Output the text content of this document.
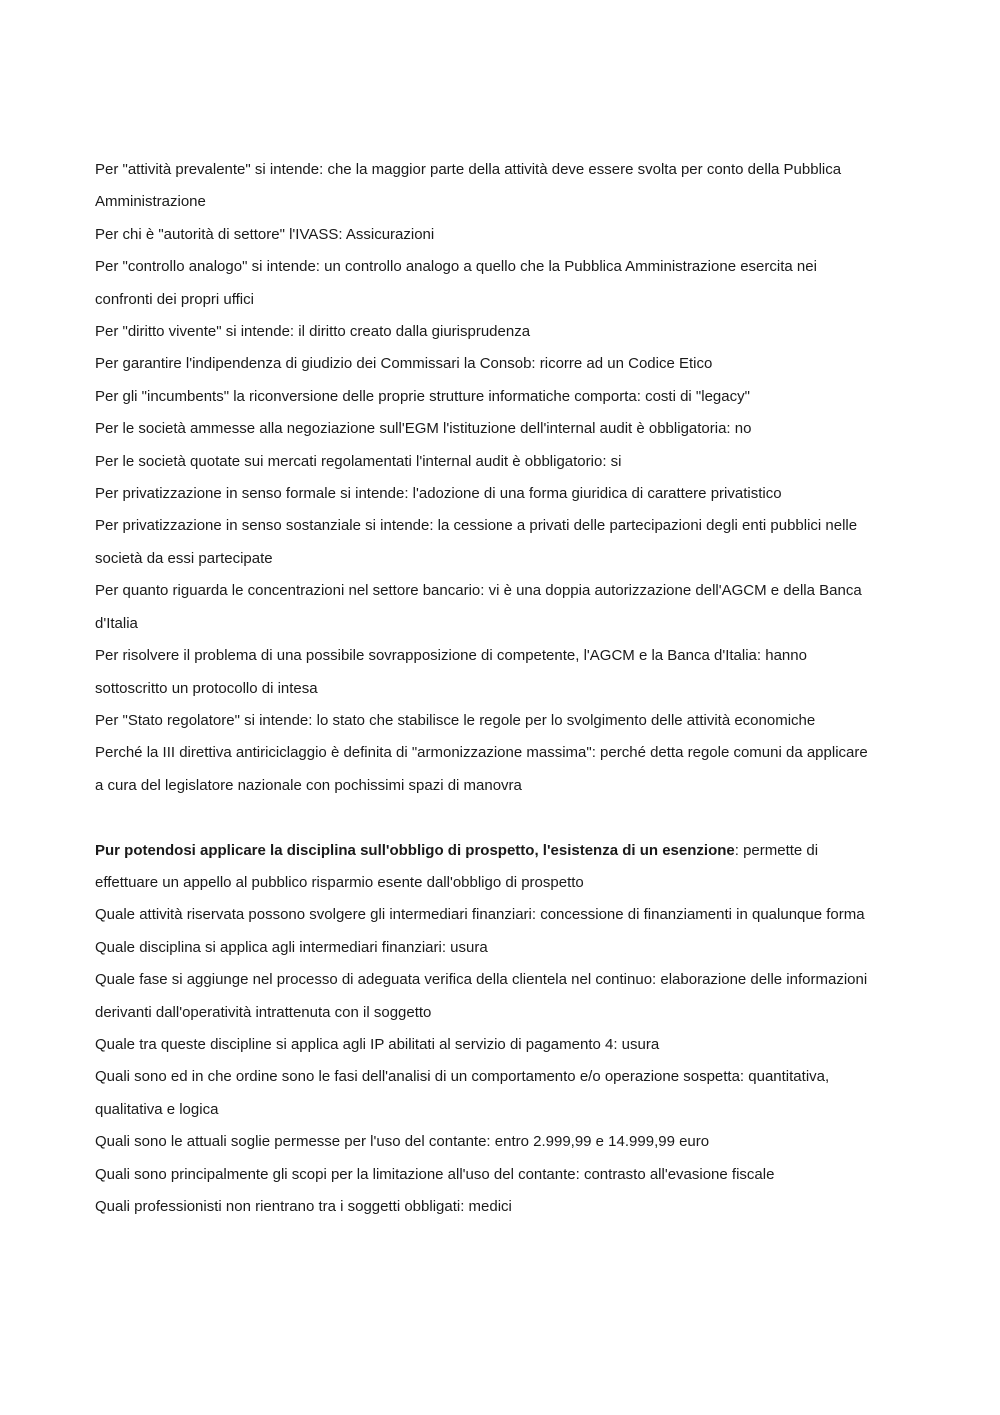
Per "attività prevalente" si intende: che la maggior parte della attività deve essere svolta per conto della Pubblica Amministrazione

Per chi è "autorità di settore" l'IVASS: Assicurazioni

Per "controllo analogo" si intende: un controllo analogo a quello che la Pubblica Amministrazione esercita nei confronti dei propri uffici

Per "diritto vivente" si intende: il diritto creato dalla giurisprudenza

Per garantire l'indipendenza di giudizio dei Commissari la Consob: ricorre ad un Codice Etico

Per gli "incumbents" la riconversione delle proprie strutture informatiche comporta: costi di "legacy"

Per le società ammesse alla negoziazione sull'EGM l'istituzione dell'internal audit è obbligatoria: no

Per le società quotate sui mercati regolamentati l'internal audit è obbligatorio: si

Per privatizzazione in senso formale si intende: l'adozione di una forma giuridica di carattere privatistico

Per privatizzazione in senso sostanziale si intende: la cessione a privati delle partecipazioni degli enti pubblici nelle società da essi partecipate

Per quanto riguarda le concentrazioni nel settore bancario: vi è una doppia autorizzazione dell'AGCM e della Banca d'Italia

Per risolvere il problema di una possibile sovrapposizione di competente, l'AGCM e la Banca d'Italia: hanno sottoscritto un protocollo di intesa

Per "Stato regolatore" si intende: lo stato che stabilisce le regole per lo svolgimento delle attività economiche

Perché la III direttiva antiriciclaggio è definita di "armonizzazione massima": perché detta regole comuni da applicare a cura del legislatore nazionale con pochissimi spazi di manovra

Pur potendosi applicare la disciplina sull'obbligo di prospetto, l'esistenza di un esenzione: permette di effettuare un appello al pubblico risparmio esente dall'obbligo di prospetto

Quale attività riservata possono svolgere gli intermediari finanziari: concessione di finanziamenti in qualunque forma

Quale disciplina si applica agli intermediari finanziari: usura

Quale fase si aggiunge nel processo di adeguata verifica della clientela nel continuo: elaborazione delle informazioni derivanti dall'operatività intrattenuta con il soggetto

Quale tra queste discipline si applica agli IP abilitati al servizio di pagamento 4: usura

Quali sono ed in che ordine sono le fasi dell'analisi di un comportamento e/o operazione sospetta: quantitativa, qualitativa e logica

Quali sono le attuali soglie permesse per l'uso del contante: entro 2.999,99 e 14.999,99 euro

Quali sono principalmente gli scopi per la limitazione all'uso del contante: contrasto all'evasione fiscale

Quali professionisti non rientrano tra i soggetti obbligati: medici
